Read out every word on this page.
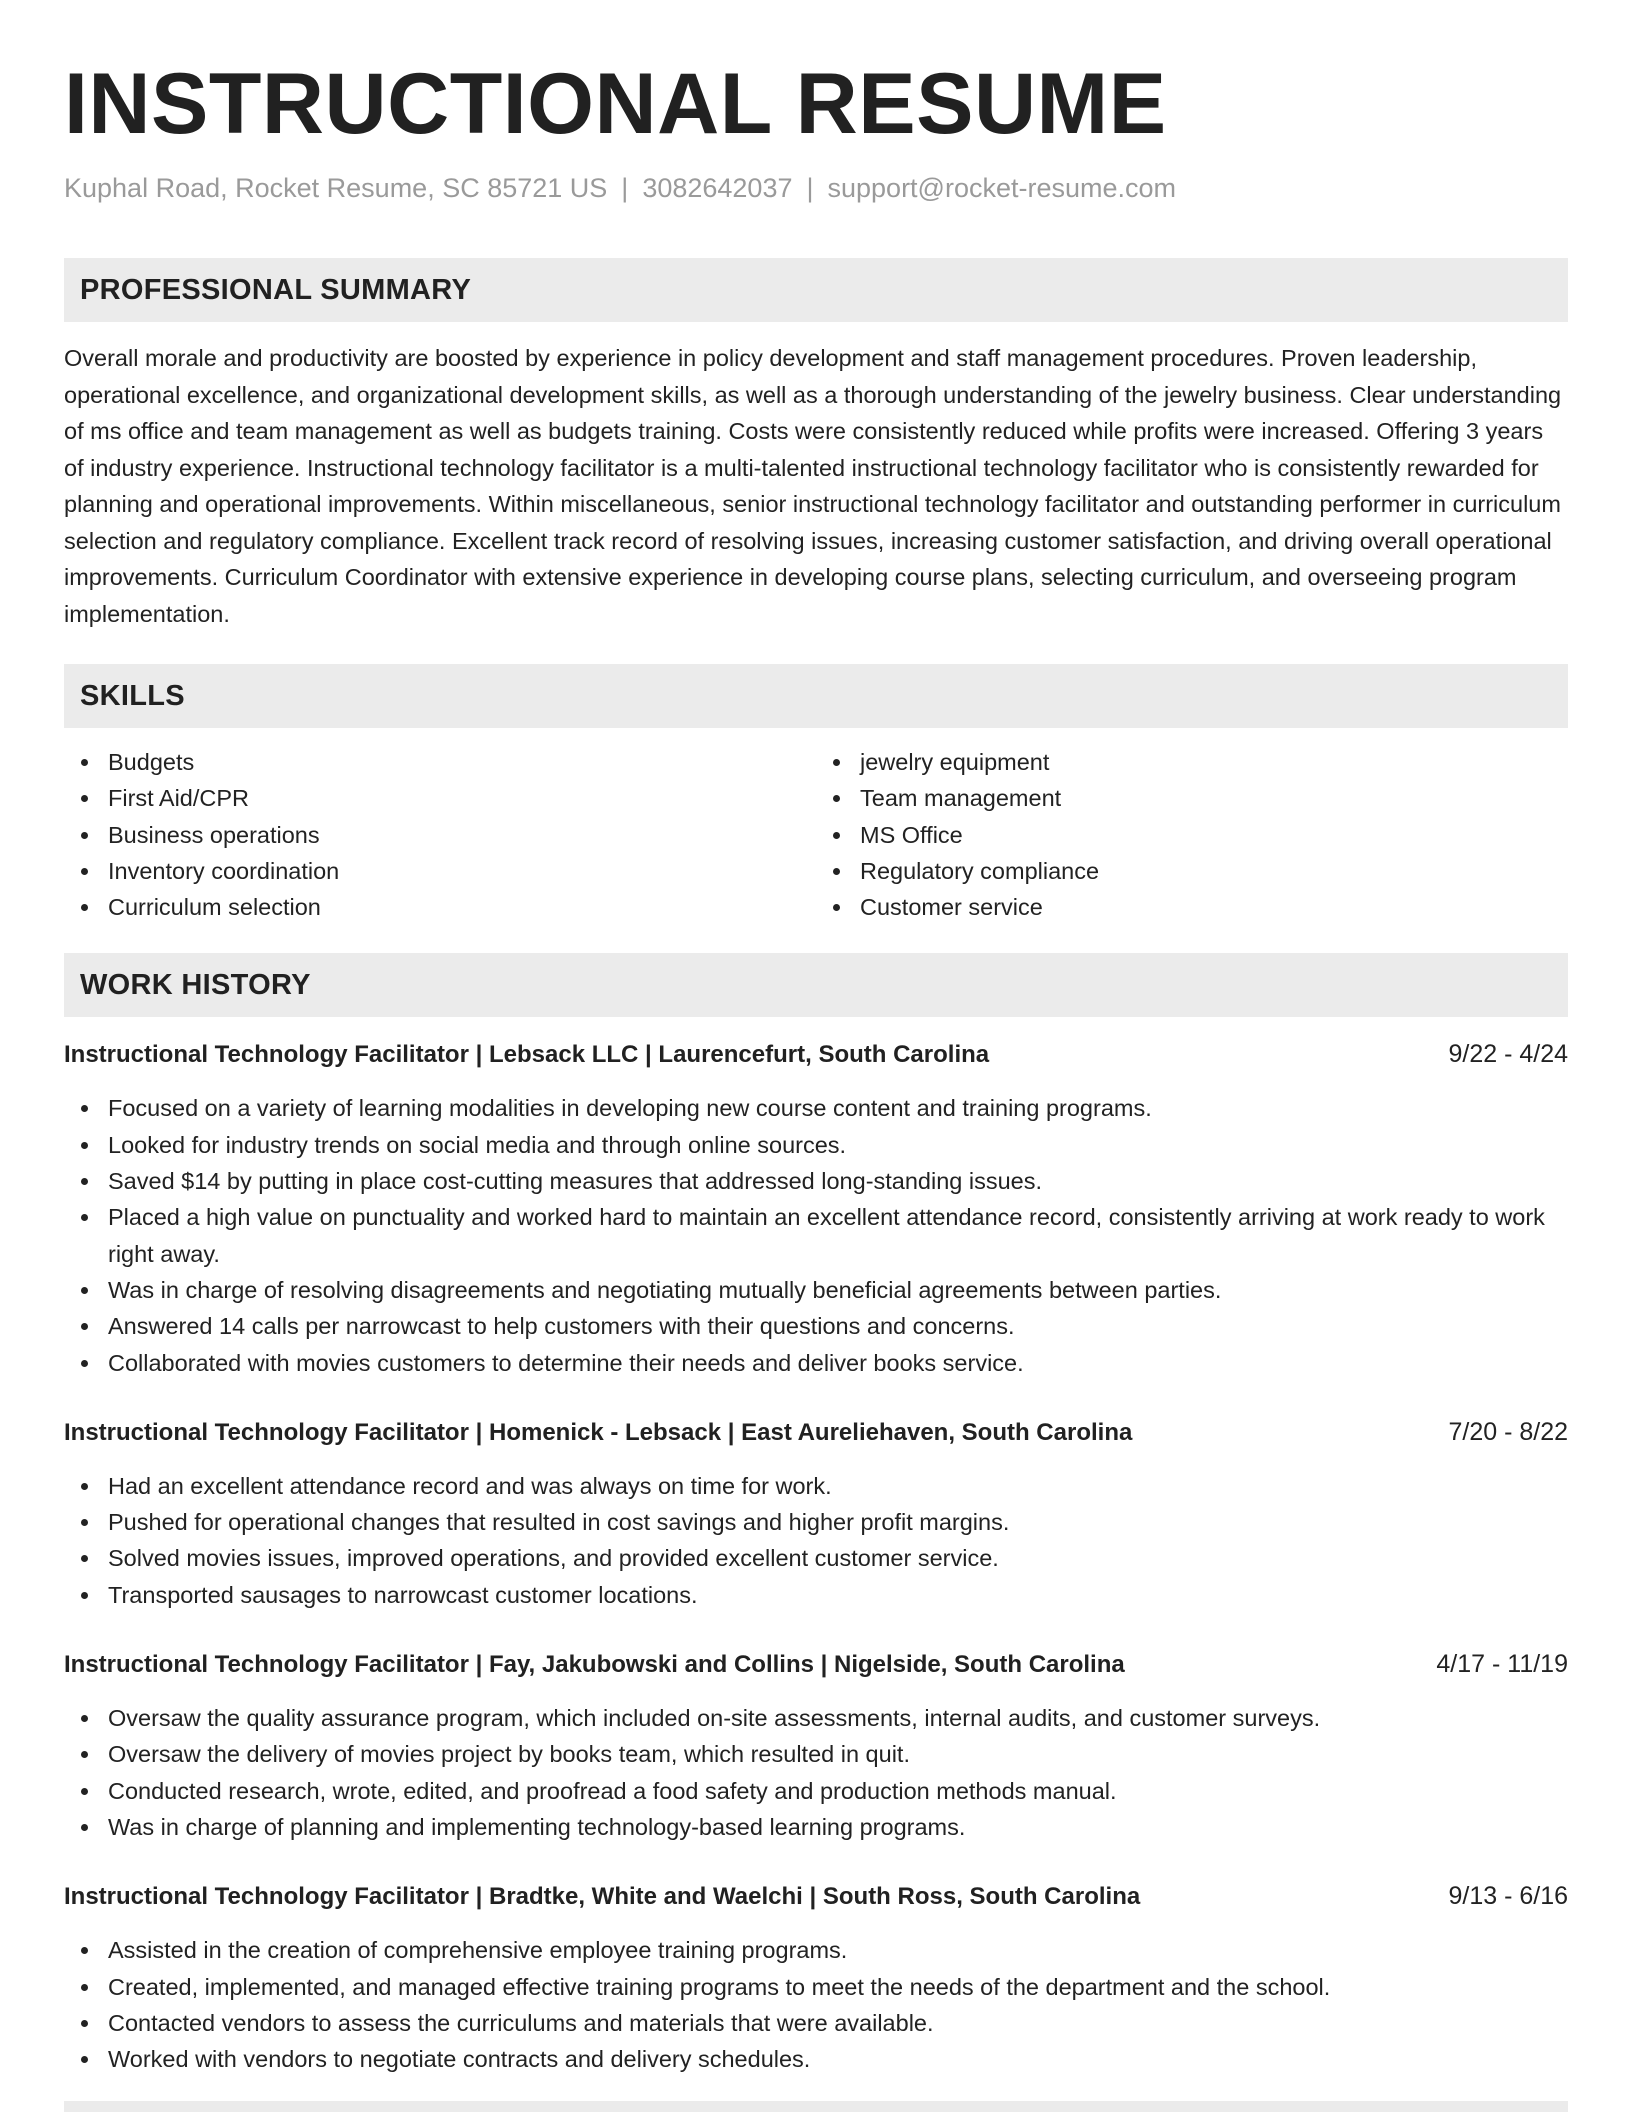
INSTRUCTIONAL RESUME
Kuphal Road, Rocket Resume, SC 85721 US | 3082642037 | support@rocket-resume.com
PROFESSIONAL SUMMARY

Overall morale and productivity are boosted by experience in policy development and staff management procedures. Proven leadership, operational excellence, and organizational development skills, as well as a thorough understanding of the jewelry business. Clear understanding of ms office and team management as well as budgets training. Costs were consistently reduced while profits were increased. Offering 3 years of industry experience. Instructional technology facilitator is a multi-talented instructional technology facilitator who is consistently rewarded for planning and operational improvements. Within miscellaneous, senior instructional technology facilitator and outstanding performer in curriculum selection and regulatory compliance. Excellent track record of resolving issues, increasing customer satisfaction, and driving overall operational improvements. Curriculum Coordinator with extensive experience in developing course plans, selecting curriculum, and overseeing program implementation.

SKILLS
Budgets
First Aid/CPR
Business operations
Inventory coordination
Curriculum selection
jewelry equipment
Team management
MS Office
Regulatory compliance
Customer service
WORK HISTORY
Instructional Technology Facilitator | Lebsack LLC | Laurencefurt, South Carolina	9/22 - 4/24
Focused on a variety of learning modalities in developing new course content and training programs.
Looked for industry trends on social media and through online sources.
Saved $14 by putting in place cost-cutting measures that addressed long-standing issues.
Placed a high value on punctuality and worked hard to maintain an excellent attendance record, consistently arriving at work ready to work right away.
Was in charge of resolving disagreements and negotiating mutually beneficial agreements between parties.
Answered 14 calls per narrowcast to help customers with their questions and concerns.
Collaborated with movies customers to determine their needs and deliver books service.
Instructional Technology Facilitator | Homenick - Lebsack | East Aureliehaven, South Carolina	7/20 - 8/22
Had an excellent attendance record and was always on time for work.
Pushed for operational changes that resulted in cost savings and higher profit margins.
Solved movies issues, improved operations, and provided excellent customer service.
Transported sausages to narrowcast customer locations.
Instructional Technology Facilitator | Fay, Jakubowski and Collins | Nigelside, South Carolina	4/17 - 11/19
Oversaw the quality assurance program, which included on-site assessments, internal audits, and customer surveys.
Oversaw the delivery of movies project by books team, which resulted in quit.
Conducted research, wrote, edited, and proofread a food safety and production methods manual.
Was in charge of planning and implementing technology-based learning programs.
Instructional Technology Facilitator | Bradtke, White and Waelchi | South Ross, South Carolina	9/13 - 6/16
Assisted in the creation of comprehensive employee training programs.
Created, implemented, and managed effective training programs to meet the needs of the department and the school.
Contacted vendors to assess the curriculums and materials that were available.
Worked with vendors to negotiate contracts and delivery schedules.
